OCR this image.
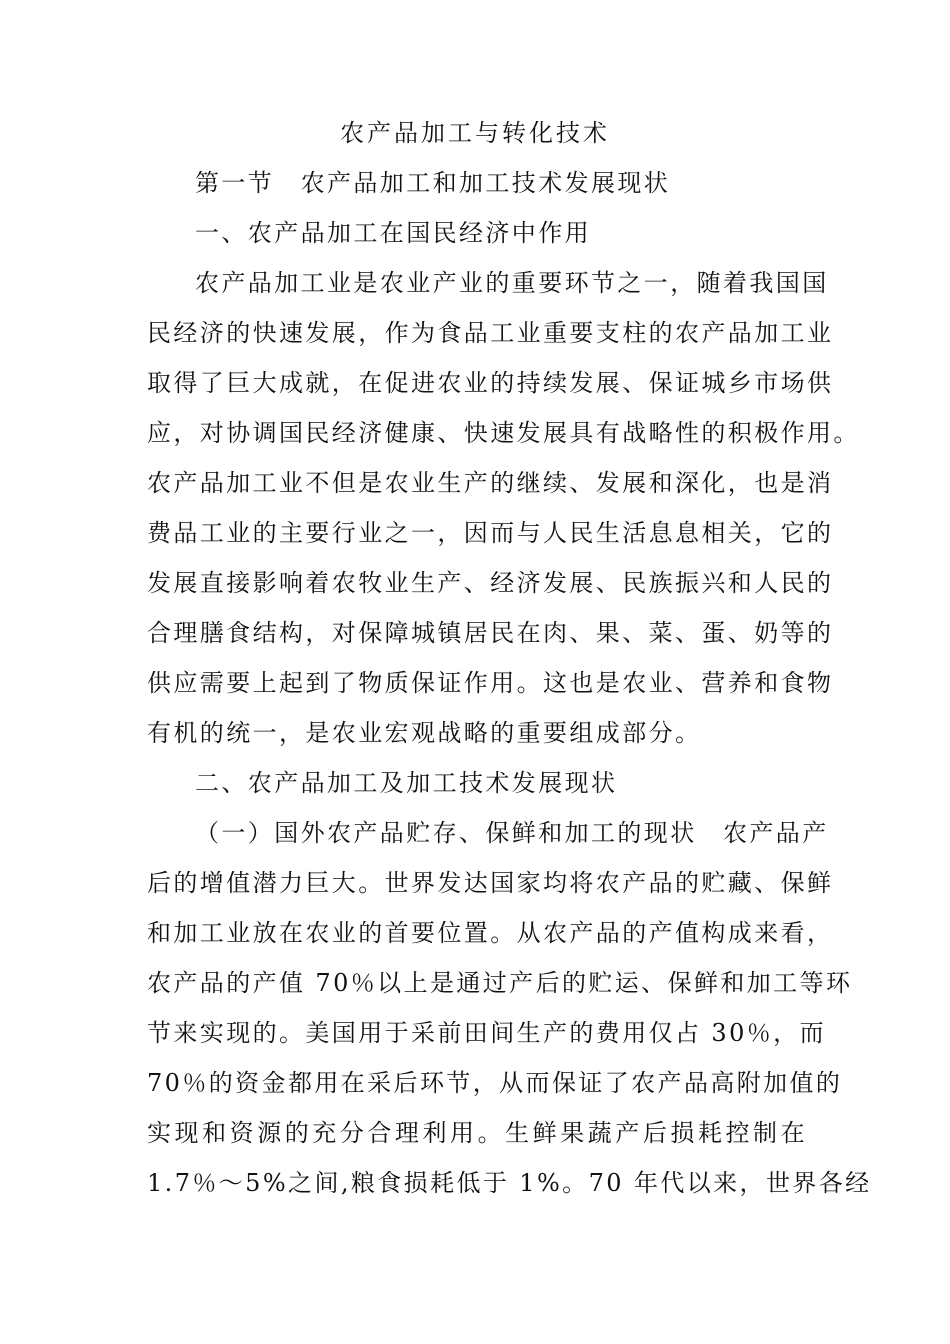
农产品加工与转化技术
第一节　农产品加工和加工技术发展现状
一、农产品加工在国民经济中作用
农产品加工业是农业产业的重要环节之一，随着我国国
民经济的快速发展，作为食品工业重要支柱的农产品加工业
取得了巨大成就，在促进农业的持续发展、保证城乡市场供
应，对协调国民经济健康、快速发展具有战略性的积极作用。
农产品加工业不但是农业生产的继续、发展和深化，也是消
费品工业的主要行业之一，因而与人民生活息息相关，它的
发展直接影响着农牧业生产、经济发展、民族振兴和人民的
合理膳食结构，对保障城镇居民在肉、果、菜、蛋、奶等的
供应需要上起到了物质保证作用。这也是农业、营养和食物
有机的统一，是农业宏观战略的重要组成部分。
二、农产品加工及加工技术发展现状
（一）国外农产品贮存、保鲜和加工的现状　农产品产
后的增值潜力巨大。世界发达国家均将农产品的贮藏、保鲜
和加工业放在农业的首要位置。从农产品的产值构成来看，
农产品的产值 70％以上是通过产后的贮运、保鲜和加工等环
节来实现的。美国用于采前田间生产的费用仅占 30％，而
70％的资金都用在采后环节，从而保证了农产品高附加值的
实现和资源的充分合理利用。生鲜果蔬产后损耗控制在
1.7％～5%之间,粮食损耗低于 1%。70 年代以来，世界各经
